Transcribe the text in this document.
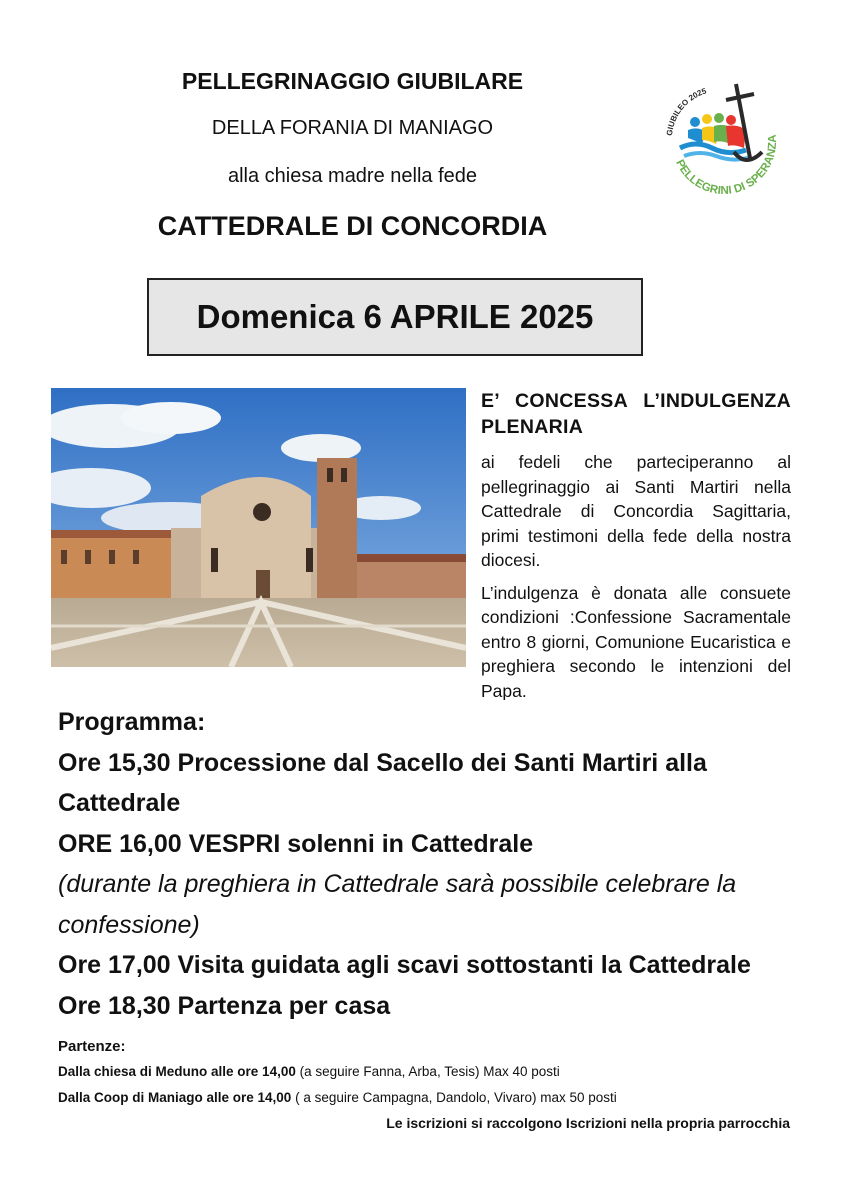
PELLEGRINAGGIO GIUBILARE
DELLA FORANIA DI MANIAGO
alla chiesa madre nella fede
CATTEDRALE DI CONCORDIA
Domenica 6 APRILE 2025
GIUBILEO 2025
PELLEGRINI DI SPERANZA

E’ CONCESSA L’INDULGENZA PLENARIA

ai fedeli che parteciperanno al pellegrinaggio ai Santi Martiri nella Cattedrale di Concordia Sagittaria, primi testimoni della fede della nostra diocesi.

L’indulgenza è donata alle consuete condizioni :Confessione Sacramentale entro 8 giorni, Comunione Eucaristica e preghiera secondo le intenzioni del Papa.

Programma:

Ore 15,30 Processione dal Sacello dei Santi Martiri alla Cattedrale

ORE 16,00 VESPRI solenni in Cattedrale

(durante la preghiera in Cattedrale sarà possibile celebrare la confessione)

Ore 17,00 Visita guidata agli scavi sottostanti la Cattedrale

Ore 18,30 Partenza per casa

Partenze:

Dalla chiesa di Meduno alle ore 14,00 (a seguire Fanna, Arba, Tesis) Max 40 posti

Dalla Coop di Maniago alle ore 14,00 ( a seguire Campagna, Dandolo, Vivaro) max 50 posti

Le iscrizioni si raccolgono Iscrizioni nella propria parrocchia
